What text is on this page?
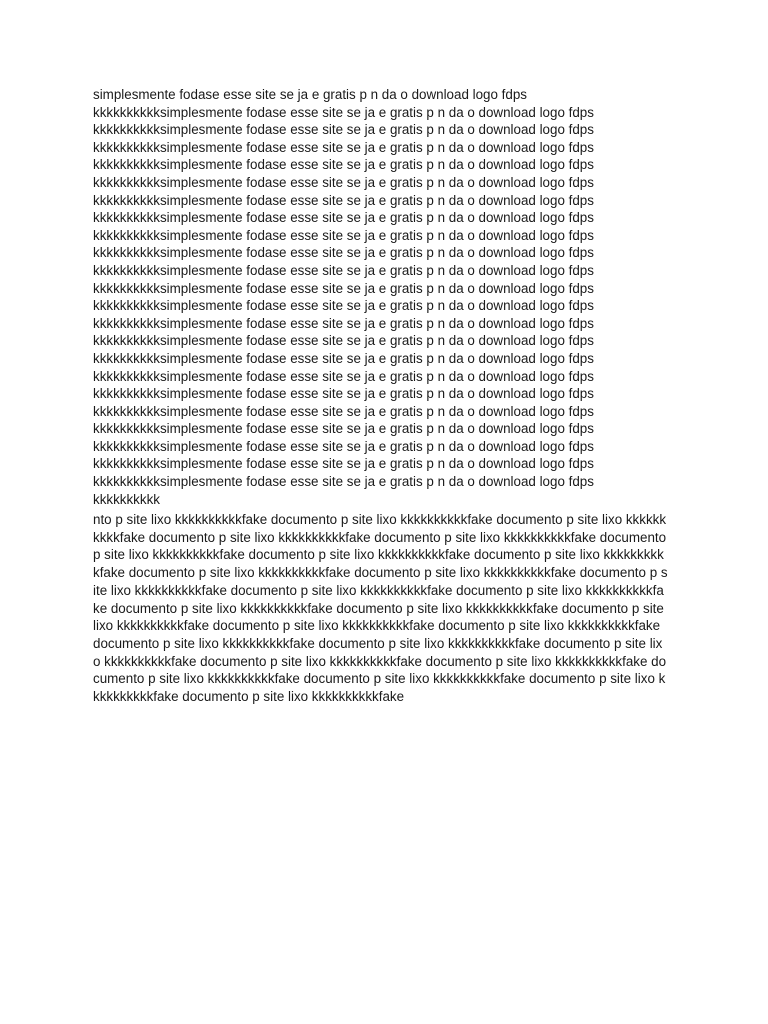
simplesmente fodase esse site se ja e gratis p n da o download logo fdps
kkkkkkkkkksimplesmente fodase esse site se ja e gratis p n da o download logo fdps
kkkkkkkkkksimplesmente fodase esse site se ja e gratis p n da o download logo fdps
kkkkkkkkkksimplesmente fodase esse site se ja e gratis p n da o download logo fdps
kkkkkkkkkksimplesmente fodase esse site se ja e gratis p n da o download logo fdps
kkkkkkkkkksimplesmente fodase esse site se ja e gratis p n da o download logo fdps
kkkkkkkkkksimplesmente fodase esse site se ja e gratis p n da o download logo fdps
kkkkkkkkkksimplesmente fodase esse site se ja e gratis p n da o download logo fdps
kkkkkkkkkksimplesmente fodase esse site se ja e gratis p n da o download logo fdps
kkkkkkkkkksimplesmente fodase esse site se ja e gratis p n da o download logo fdps
kkkkkkkkkksimplesmente fodase esse site se ja e gratis p n da o download logo fdps
kkkkkkkkkksimplesmente fodase esse site se ja e gratis p n da o download logo fdps
kkkkkkkkkksimplesmente fodase esse site se ja e gratis p n da o download logo fdps
kkkkkkkkkksimplesmente fodase esse site se ja e gratis p n da o download logo fdps
kkkkkkkkkksimplesmente fodase esse site se ja e gratis p n da o download logo fdps
kkkkkkkkkksimplesmente fodase esse site se ja e gratis p n da o download logo fdps
kkkkkkkkkksimplesmente fodase esse site se ja e gratis p n da o download logo fdps
kkkkkkkkkksimplesmente fodase esse site se ja e gratis p n da o download logo fdps
kkkkkkkkkksimplesmente fodase esse site se ja e gratis p n da o download logo fdps
kkkkkkkkkksimplesmente fodase esse site se ja e gratis p n da o download logo fdps
kkkkkkkkkksimplesmente fodase esse site se ja e gratis p n da o download logo fdps
kkkkkkkkkksimplesmente fodase esse site se ja e gratis p n da o download logo fdps
kkkkkkkkkksimplesmente fodase esse site se ja e gratis p n da o download logo fdps
kkkkkkkkkk

nto p site lixo kkkkkkkkkkfake documento p site lixo kkkkkkkkkkfake documento p site lixo kkkkkkkkkkfake documento p site lixo kkkkkkkkkkfake documento p site lixo kkkkkkkkkkfake documento p site lixo kkkkkkkkkkfake documento p site lixo kkkkkkkkkkfake documento p site lixo kkkkkkkkkkfake documento p site lixo kkkkkkkkkkfake documento p site lixo kkkkkkkkkkfake documento p site lixo kkkkkkkkkkfake documento p site lixo kkkkkkkkkkfake documento p site lixo kkkkkkkkkkfake documento p site lixo kkkkkkkkkkfake documento p site lixo kkkkkkkkkkfake documento p site lixo kkkkkkkkkkfake documento p site lixo kkkkkkkkkkfake documento p site lixo kkkkkkkkkkfake documento p site lixo kkkkkkkkkkfake documento p site lixo kkkkkkkkkkfake documento p site lixo kkkkkkkkkkfake documento p site lixo kkkkkkkkkkfake documento p site lixo kkkkkkkkkkfake documento p site lixo kkkkkkkkkkfake documento p site lixo kkkkkkkkkkfake documento p site lixo kkkkkkkkkkfake documento p site lixo kkkkkkkkkkfake
